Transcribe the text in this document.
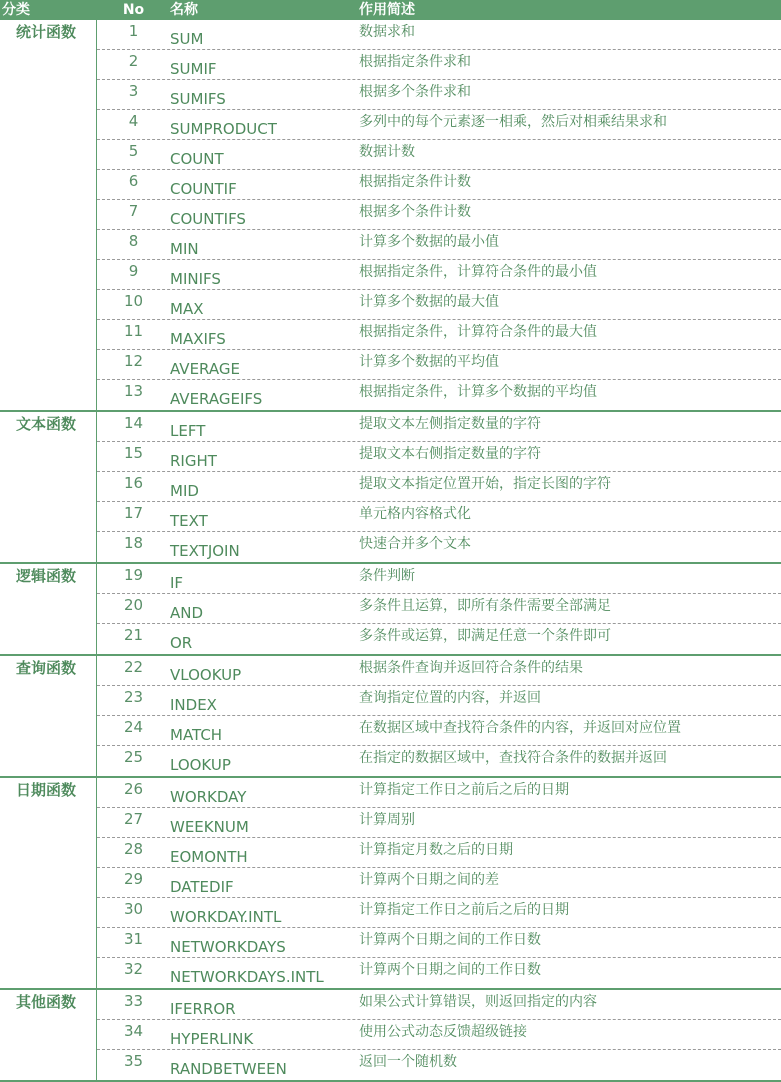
分类	No	名称	作用简述
统计函数	1	SUM	数据求和
2	SUMIF	根据指定条件求和
3	SUMIFS	根据多个条件求和
4	SUMPRODUCT	多列中的每个元素逐一相乘，然后对相乘结果求和
5	COUNT	数据计数
6	COUNTIF	根据指定条件计数
7	COUNTIFS	根据多个条件计数
8	MIN	计算多个数据的最小值
9	MINIFS	根据指定条件，计算符合条件的最小值
10	MAX	计算多个数据的最大值
11	MAXIFS	根据指定条件，计算符合条件的最大值
12	AVERAGE	计算多个数据的平均值
13	AVERAGEIFS	根据指定条件，计算多个数据的平均值
文本函数	14	LEFT	提取文本左侧指定数量的字符
15	RIGHT	提取文本右侧指定数量的字符
16	MID	提取文本指定位置开始，指定长图的字符
17	TEXT	单元格内容格式化
18	TEXTJOIN	快速合并多个文本
逻辑函数	19	IF	条件判断
20	AND	多条件且运算，即所有条件需要全部满足
21	OR	多条件或运算，即满足任意一个条件即可
查询函数	22	VLOOKUP	根据条件查询并返回符合条件的结果
23	INDEX	查询指定位置的内容，并返回
24	MATCH	在数据区域中查找符合条件的内容，并返回对应位置
25	LOOKUP	在指定的数据区域中，查找符合条件的数据并返回
日期函数	26	WORKDAY	计算指定工作日之前后之后的日期
27	WEEKNUM	计算周别
28	EOMONTH	计算指定月数之后的日期
29	DATEDIF	计算两个日期之间的差
30	WORKDAY.INTL	计算指定工作日之前后之后的日期
31	NETWORKDAYS	计算两个日期之间的工作日数
32	NETWORKDAYS.INTL	计算两个日期之间的工作日数
其他函数	33	IFERROR	如果公式计算错误，则返回指定的内容
34	HYPERLINK	使用公式动态反馈超级链接
35	RANDBETWEEN	返回一个随机数
